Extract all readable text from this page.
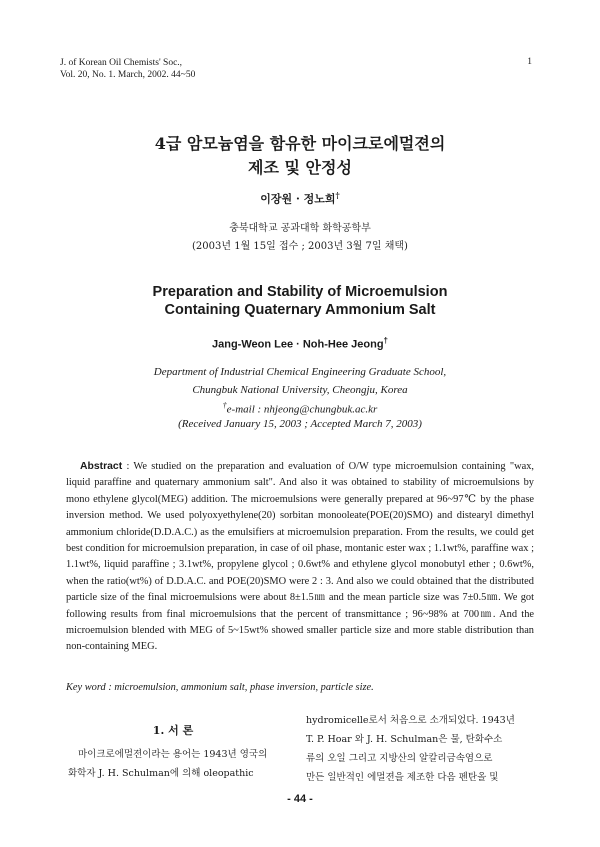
J. of Korean Oil Chemists' Soc.,
Vol. 20, No. 1. March, 2002. 44~50
1
4급 암모늄염을 함유한 마이크로에멀젼의
제조 및 안정성
이장원 · 정노희†
충북대학교 공과대학 화학공학부
(2003년 1월 15일 접수 ; 2003년 3월 7일 채택)
Preparation and Stability of Microemulsion
Containing Quaternary Ammonium Salt
Jang-Weon Lee · Noh-Hee Jeong†
Department of Industrial Chemical Engineering Graduate School,
Chungbuk National University, Cheongju, Korea
†e-mail : nhjeong@chungbuk.ac.kr
(Received January 15, 2003 ; Accepted March 7, 2003)
Abstract : We studied on the preparation and evaluation of O/W type microemulsion containing "wax, liquid paraffine and quaternary ammonium salt". And also it was obtained to stability of microemulsions by mono ethylene glycol(MEG) addition. The microemulsions were generally prepared at 96~97℃ by the phase inversion method. We used polyoxyethylene(20) sorbitan monooleate(POE(20)SMO) and distearyl dimethyl ammonium chloride(D.D.A.C.) as the emulsifiers at microemulsion preparation. From the results, we could get best condition for microemulsion preparation, in case of oil phase, montanic ester wax ; 1.1wt%, paraffine wax ; 1.1wt%, liquid paraffine ; 3.1wt%, propylene glycol ; 0.6wt% and ethylene glycol monobutyl ether ; 0.6wt%, when the ratio(wt%) of D.D.A.C. and POE(20)SMO were 2 : 3. And also we could obtained that the distributed particle size of the final microemulsions were about 8±1.5㎚ and the mean particle size was 7±0.5㎚. We got following results from final microemulsions that the percent of transmittance ; 96~98% at 700㎚. And the microemulsion blended with MEG of 5~15wt% showed smaller particle size and more stable distribution than non-containing MEG.
Key word : microemulsion, ammonium salt, phase inversion, particle size.
1. 서 론
마이크로에멀젼이라는 용어는 1943년 영국의
화학자 J. H. Schulman에 의해 oleopathic
hydromicelle로서 처음으로 소개되었다. 1943년
T. P. Hoar 와 J. H. Schulman은 물, 탄화수소
류의 오일 그리고 지방산의 알칼리금속염으로
만든 일반적인 에멀젼을 제조한 다음 펜탄올 및
- 44 -
